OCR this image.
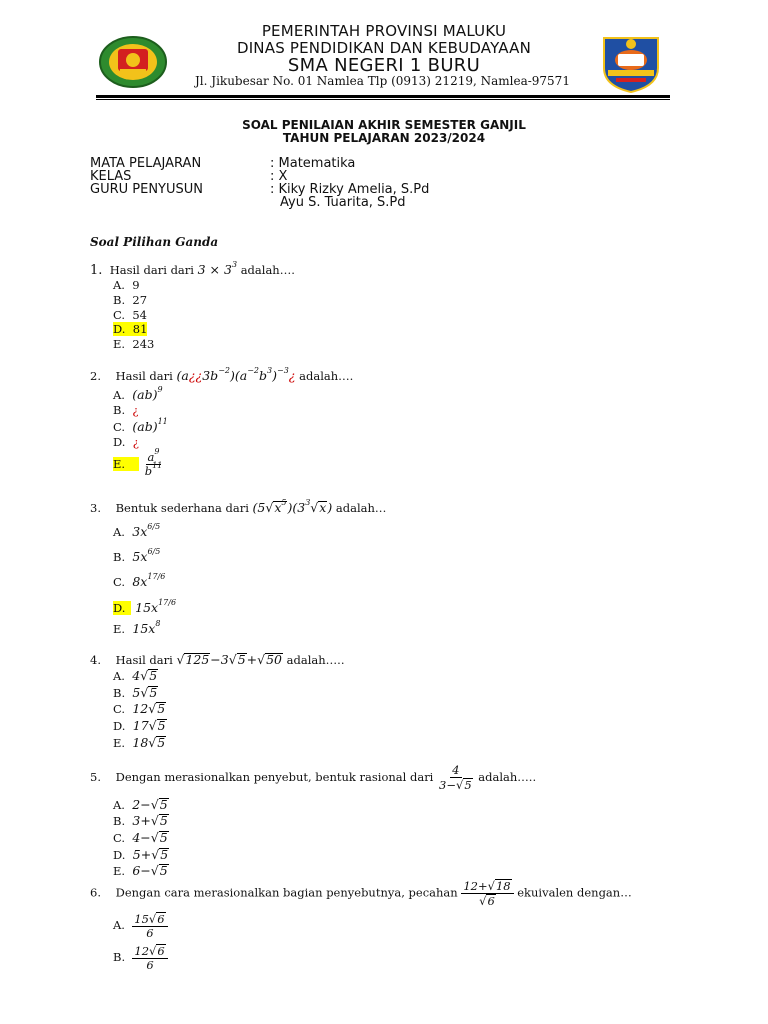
PEMERINTAH PROVINSI MALUKU
DINAS PENDIDIKAN DAN KEBUDAYAAN
SMA NEGERI 1 BURU
Jl. Jikubesar No. 01 Namlea Tlp (0913) 21219, Namlea-97571
SOAL PENILAIAN AKHIR SEMESTER GANJIL
TAHUN PELAJARAN 2023/2024
MATA PELAJARAN	: Matematika
KELAS	: X
GURU PENYUSUN	: Kiky Rizky Amelia, S.Pd
Ayu S. Tuarita, S.Pd
Soal Pilihan Ganda
1. Hasil dari dari $3 \times 3^3$ adalah….
A. 9
B. 27
C. 54
D. 81
E. 243
2. Hasil dari $(a¿¿3b^{-2})(a^{-2}b^3)^{-3}¿$ adalah….
A. (ab)$^9$
B. ¿
C. (ab)$^{11}$
D. ¿
E. $\frac{a^9}{b^{11}}$
3. Bentuk sederhana dari $(5√x^5)(3^3√x)$ adalah…
A. $3x^{6/5}$
B. $5x^{6/5}$
C. $8x^{17/6}$
D. $15x^{17/6}$
E. $15x^8$
4. Hasil dari √125−3√5+√50 adalah…..
A. 4√5
B. 5√5
C. 12√5
D. 17√5
E. 18√5
5. Dengan merasionalkan penyebut, bentuk rasional dari $\frac{4}{3-√5}$ adalah…..
A. 2−√5
B. 3+√5
C. 4−√5
D. 5+√5
E. 6−√5
6. Dengan cara merasionalkan bagian penyebutnya, pecahan $\frac{12+√18}{√6}$ ekuivalen dengan…
A. $\frac{15√6}{6}$
B. $\frac{12√6}{6}$
